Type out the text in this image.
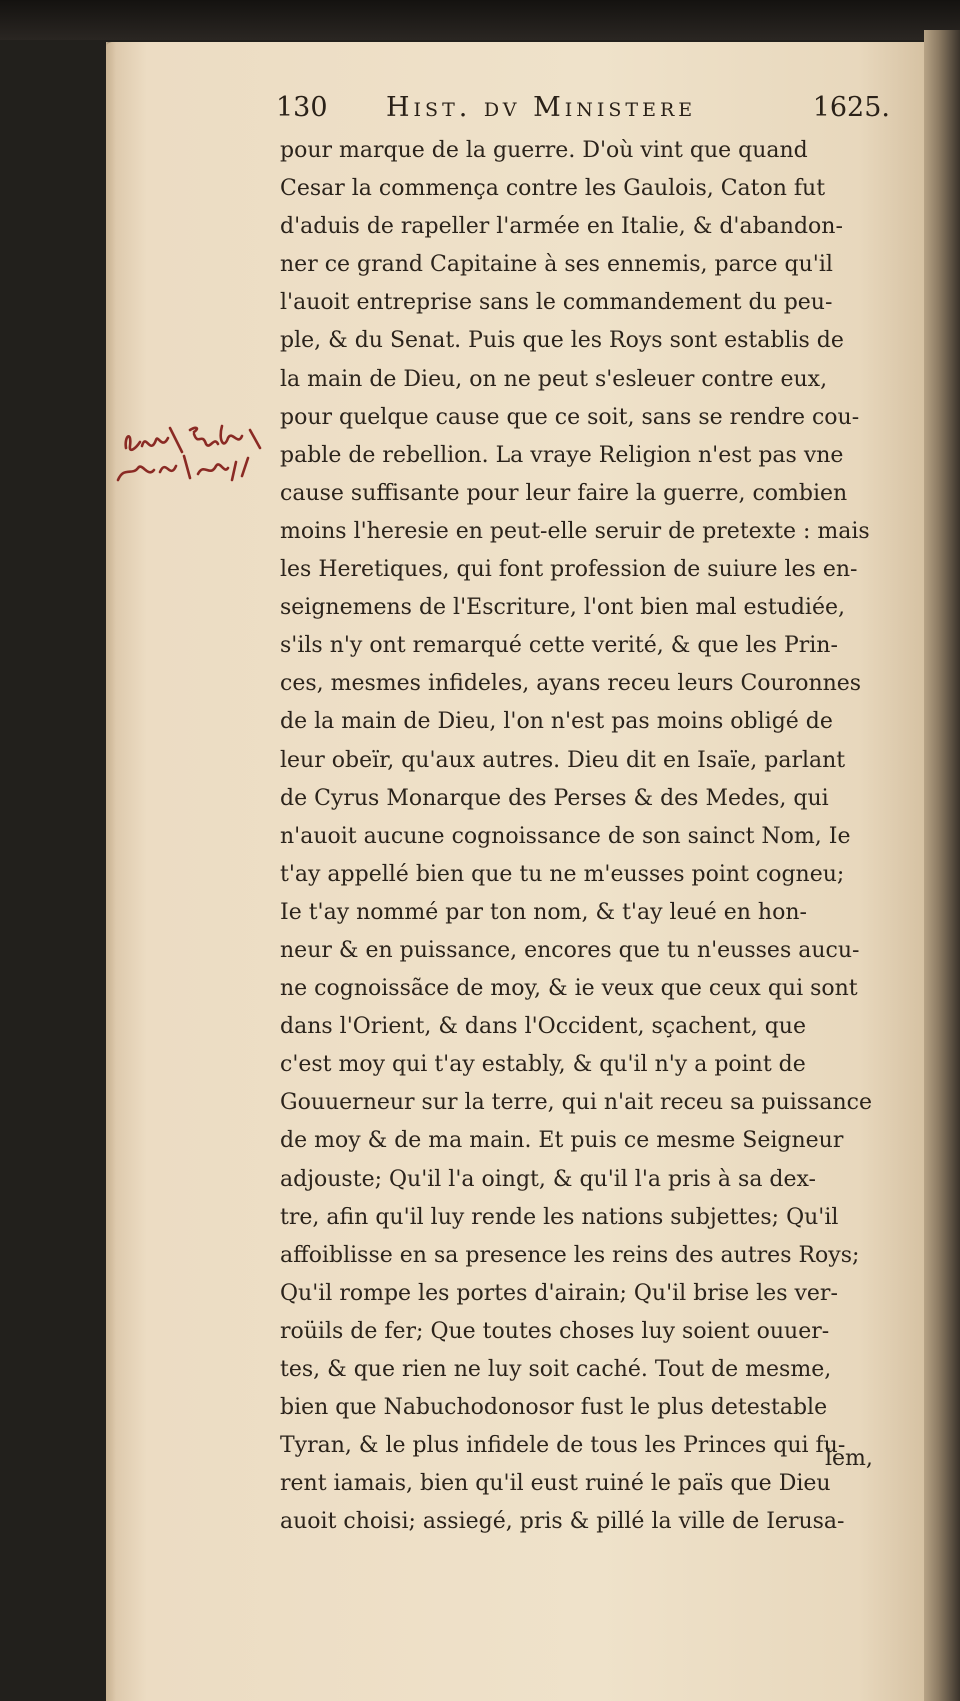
130 Hist. dv Ministere	1625.
pour marque de la guerre. D'où vint que quand
Cesar la commença contre les Gaulois, Caton fut
d'aduis de rapeller l'armée en Italie, & d'abandon-
ner ce grand Capitaine à ses ennemis, parce qu'il
l'auoit entreprise sans le commandement du peu-
ple, & du Senat. Puis que les Roys sont establis de
la main de Dieu, on ne peut s'esleuer contre eux,
pour quelque cause que ce soit, sans se rendre cou-
pable de rebellion. La vraye Religion n'est pas vne
cause suffisante pour leur faire la guerre, combien
moins l'heresie en peut-elle seruir de pretexte : mais
les Heretiques, qui font profession de suiure les en-
seignemens de l'Escriture, l'ont bien mal estudiée,
s'ils n'y ont remarqué cette verité, & que les Prin-
ces, mesmes infideles, ayans receu leurs Couronnes
de la main de Dieu, l'on n'est pas moins obligé de
leur obeïr, qu'aux autres. Dieu dit en Isaïe, parlant
de Cyrus Monarque des Perses & des Medes, qui
n'auoit aucune cognoissance de son sainct Nom, Ie
t'ay appellé bien que tu ne m'eusses point cogneu;
Ie t'ay nommé par ton nom, & t'ay leué en hon-
neur & en puissance, encores que tu n'eusses aucu-
ne cognoissãce de moy, & ie veux que ceux qui sont
dans l'Orient, & dans l'Occident, sçachent, que
c'est moy qui t'ay estably, & qu'il n'y a point de
Gouuerneur sur la terre, qui n'ait receu sa puissance
de moy & de ma main. Et puis ce mesme Seigneur
adjouste; Qu'il l'a oingt, & qu'il l'a pris à sa dex-
tre, afin qu'il luy rende les nations subjettes; Qu'il
affoiblisse en sa presence les reins des autres Roys;
Qu'il rompe les portes d'airain; Qu'il brise les ver-
roüils de fer; Que toutes choses luy soient ouuer-
tes, & que rien ne luy soit caché. Tout de mesme,
bien que Nabuchodonosor fust le plus detestable
Tyran, & le plus infidele de tous les Princes qui fu-
rent iamais, bien qu'il eust ruiné le païs que Dieu
auoit choisi; assiegé, pris & pillé la ville de Ierusa-
lem,
